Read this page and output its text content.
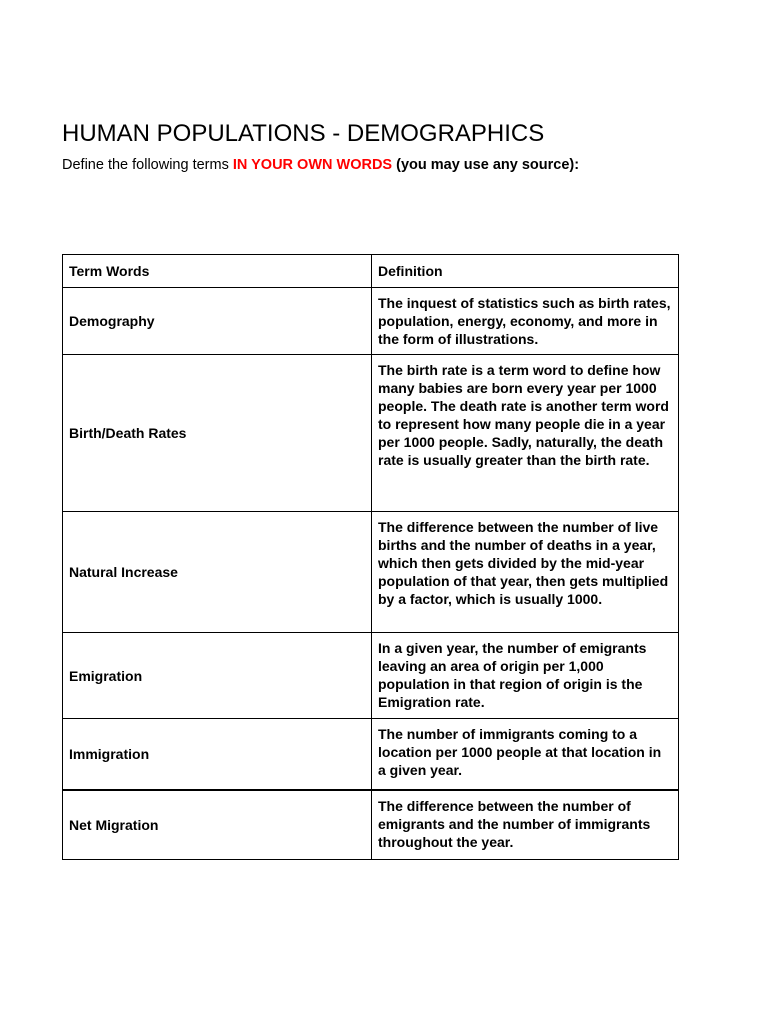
HUMAN POPULATIONS - DEMOGRAPHICS

Define the following terms IN YOUR OWN WORDS (you may use any source):

Term Words	Definition
Demography	The inquest of statistics such as birth rates, population, energy, economy, and more in the form of illustrations.
Birth/Death Rates	The birth rate is a term word to define how many babies are born every year per 1000 people. The death rate is another term word to represent how many people die in a year per 1000 people. Sadly, naturally, the death rate is usually greater than the birth rate.
Natural Increase	The difference between the number of live births and the number of deaths in a year, which then gets divided by the mid-year population of that year, then gets multiplied by a factor, which is usually 1000.
Emigration	In a given year, the number of emigrants leaving an area of origin per 1,000 population in that region of origin is the Emigration rate.
Immigration	The number of immigrants coming to a location per 1000 people at that location in a given year.
Net Migration	The difference between the number of emigrants and the number of immigrants throughout the year.
